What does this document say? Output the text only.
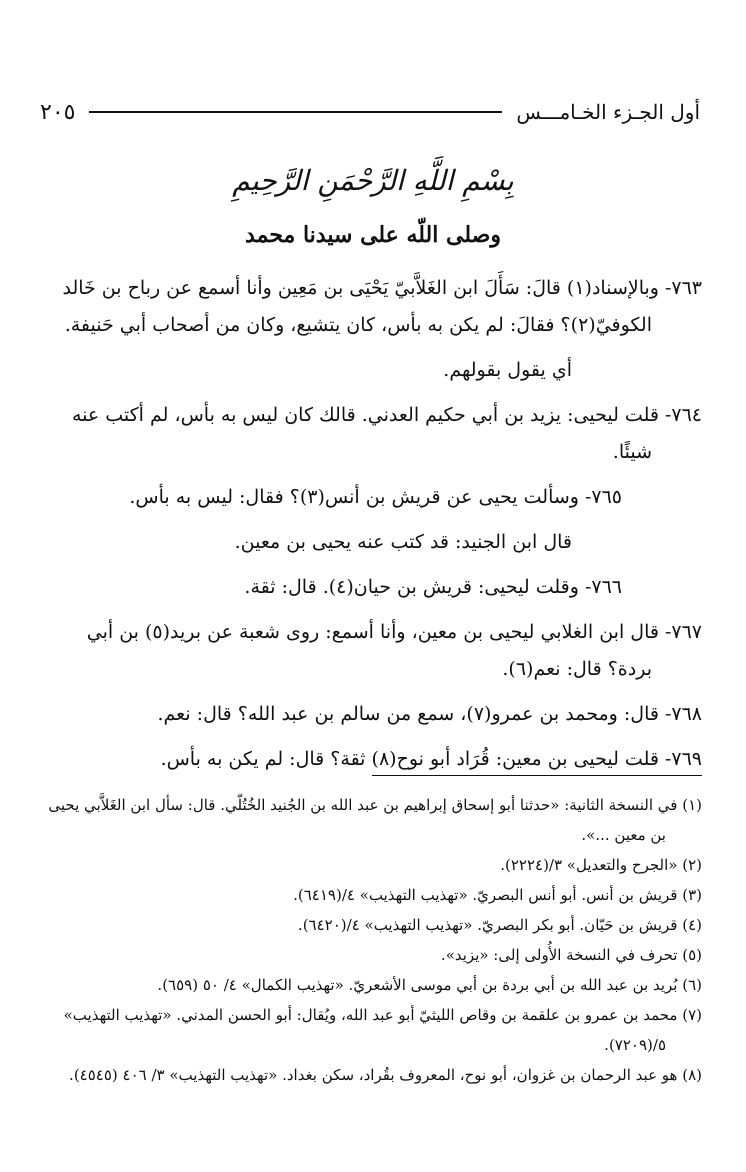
أول الجـزء الخـامـــس
٢٠٥
بِسْمِ اللَّهِ الرَّحْمَنِ الرَّحِيمِ
وصلى اللّه على سيدنا محمد

٧٦٣-وبالإسناد(١) قالَ: سَأَلَ ابن الغَلاَّبيّ يَحْيَى بن مَعِين وأنا أسمع عن رباح بن خَالد الكوفيّ(٢)؟ فقالَ: لم يكن به بأس، كان يتشيع، وكان من أصحاب أبي حَنيفة.

أي يقول بقولهم.

٧٦٤-قلت ليحيى: يزيد بن أبي حكيم العدني. قالك كان ليس به بأس، لم أكتب عنه شيئًا.

٧٦٥-وسألت يحيى عن قريش بن أنس(٣)؟ فقال: ليس به بأس.

قال ابن الجنيد: قد كتب عنه يحيى بن معين.

٧٦٦-وقلت ليحيى: قريش بن حيان(٤). قال: ثقة.

٧٦٧-قال ابن الغلابي ليحيى بن معين، وأنا أسمع: روى شعبة عن بريد(٥) بن أبي بردة؟ قال: نعم(٦).

٧٦٨-قال: ومحمد بن عمرو(٧)، سمع من سالم بن عبد الله؟ قال: نعم.

٧٦٩-قلت ليحيى بن معين: قُرَاد أبو نوح(٨) ثقة؟ قال: لم يكن به بأس.

(١) في النسخة الثانية: «حدثنا أبو إسحاق إبراهيم بن عبد الله بن الجُنيد الخُتُلّي. قال: سأل ابن الغَلاَّبي يحيى بن معين ...».

(٢) «الجرح والتعديل» ٣/(٢٢٢٤).

(٣) قريش بن أنس. أبو أنس البصريّ. «تهذيب التهذيب» ٤/(٦٤١٩).

(٤) قريش بن حَيّان. أبو بكر البصريّ. «تهذيب التهذيب» ٤/(٦٤٢٠).

(٥) تحرف في النسخة الأُولى إلى: «يزيد».

(٦) بُريد بن عبد الله بن أبي بردة بن أبي موسى الأشعريّ. «تهذيب الكمال» ٤/ ٥٠ (٦٥٩).

(٧) محمد بن عمرو بن علقمة بن وقاص الليثيّ أبو عبد الله، ويُقال: أبو الحسن المدني. «تهذيب التهذيب» ٥/(٧٢٠٩).

(٨) هو عبد الرحمان بن غزوان، أبو نوح، المعروف بقُراد، سكن بغداد. «تهذيب التهذيب» ٣/ ٤٠٦ (٤٥٤٥).
